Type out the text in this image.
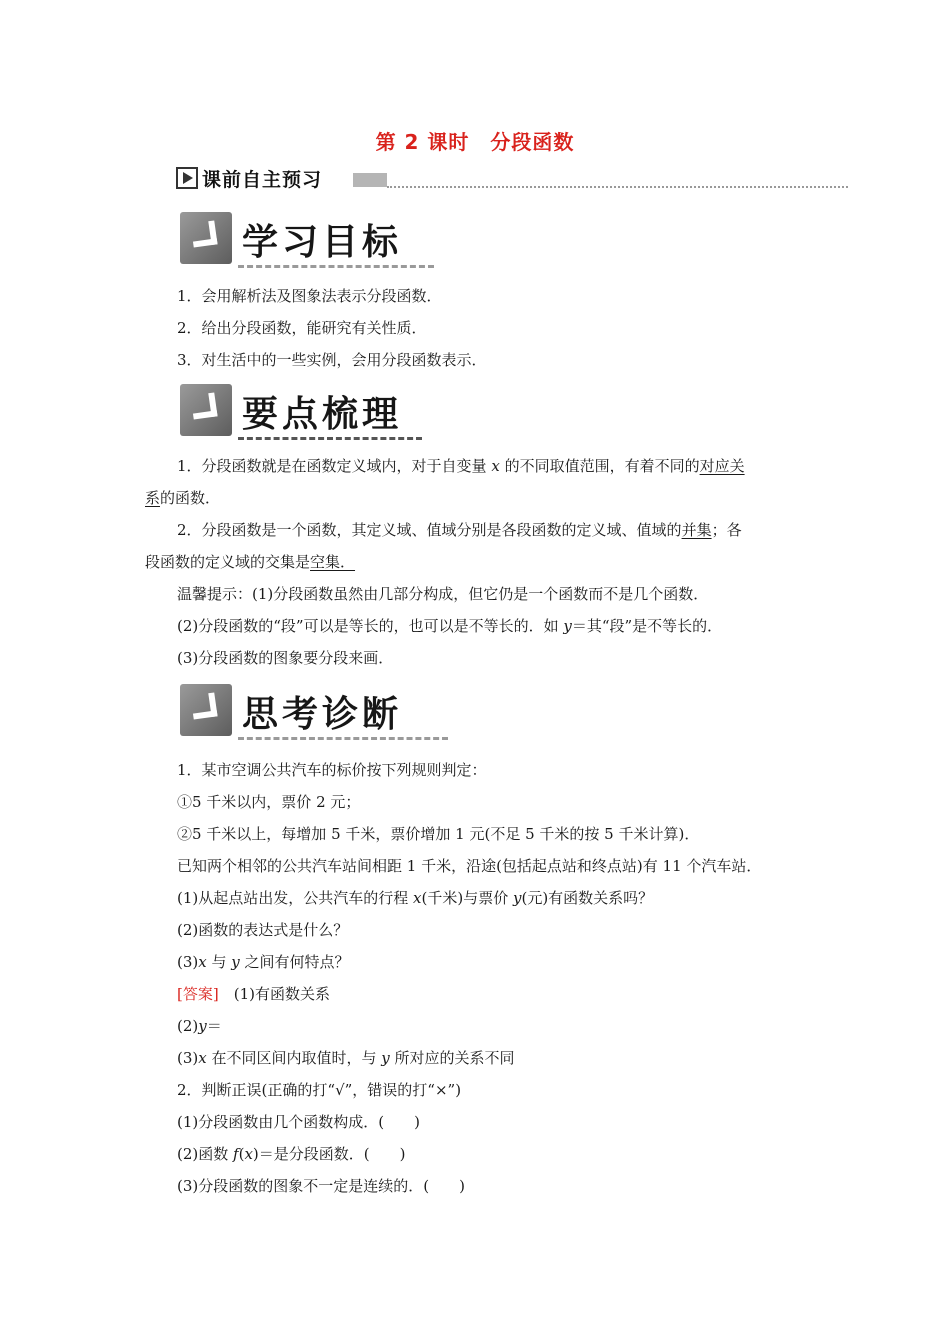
第 2 课时　分段函数
课前自主预习
学习目标
1．会用解析法及图象法表示分段函数．
2．给出分段函数，能研究有关性质．
3．对生活中的一些实例，会用分段函数表示．
要点梳理
1．分段函数就是在函数定义域内，对于自变量 x 的不同取值范围，有着不同的对应关
系的函数．
2．分段函数是一个函数，其定义域、值域分别是各段函数的定义域、值域的并集；各
段函数的定义域的交集是空集．
温馨提示：(1)分段函数虽然由几部分构成，但它仍是一个函数而不是几个函数．
(2)分段函数的“段”可以是等长的，也可以是不等长的．如 y＝其“段”是不等长的．
(3)分段函数的图象要分段来画．
思考诊断
1．某市空调公共汽车的标价按下列规则判定：
①5 千米以内，票价 2 元；
②5 千米以上，每增加 5 千米，票价增加 1 元(不足 5 千米的按 5 千米计算)．
已知两个相邻的公共汽车站间相距 1 千米，沿途(包括起点站和终点站)有 11 个汽车站．
(1)从起点站出发，公共汽车的行程 x(千米)与票价 y(元)有函数关系吗？
(2)函数的表达式是什么？
(3)x 与 y 之间有何特点？
[答案]　(1)有函数关系
(2)y＝
(3)x 在不同区间内取值时，与 y 所对应的关系不同
2．判断正误(正确的打“√”，错误的打“×”)
(1)分段函数由几个函数构成．(　　)
(2)函数 f(x)＝是分段函数．(　　)
(3)分段函数的图象不一定是连续的．(　　)
